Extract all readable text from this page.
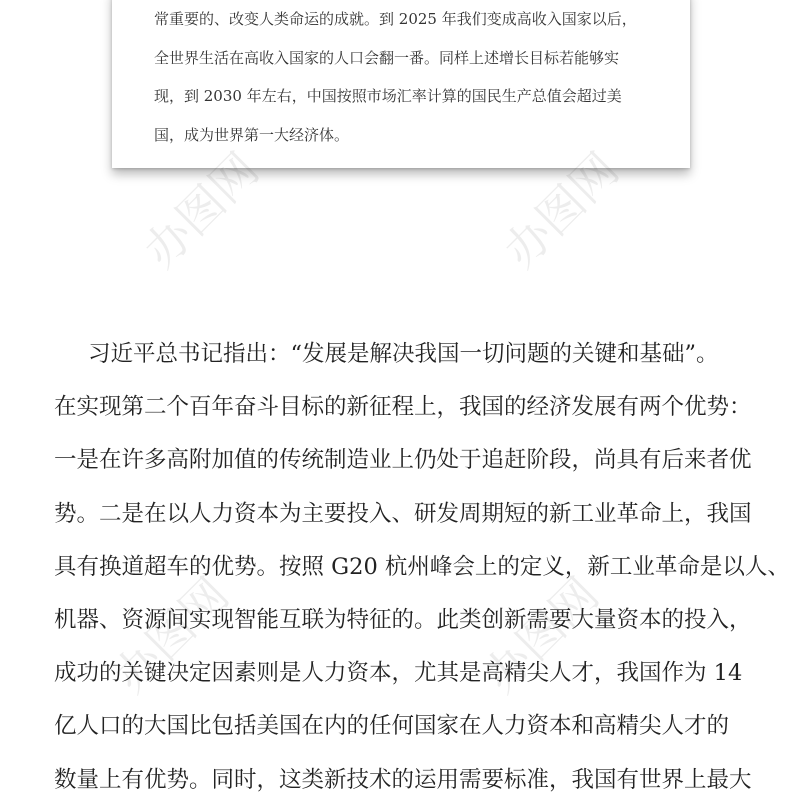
常重要的、改变人类命运的成就。到 2025 年我们变成高收入国家以后，
全世界生活在高收入国家的人口会翻一番。同样上述增长目标若能够实
现，到 2030 年左右，中国按照市场汇率计算的国民生产总值会超过美
国，成为世界第一大经济体。

办图网	办图网
办图网	办图网

习近平总书记指出：“发展是解决我国一切问题的关键和基础”。
在实现第二个百年奋斗目标的新征程上，我国的经济发展有两个优势：
一是在许多高附加值的传统制造业上仍处于追赶阶段，尚具有后来者优
势。二是在以人力资本为主要投入、研发周期短的新工业革命上，我国
具有换道超车的优势。按照 G20 杭州峰会上的定义，新工业革命是以人、
机器、资源间实现智能互联为特征的。此类创新需要大量资本的投入，
成功的关键决定因素则是人力资本，尤其是高精尖人才，我国作为 14
亿人口的大国比包括美国在内的任何国家在人力资本和高精尖人才的
数量上有优势。同时，这类新技术的运用需要标准，我国有世界上最大
